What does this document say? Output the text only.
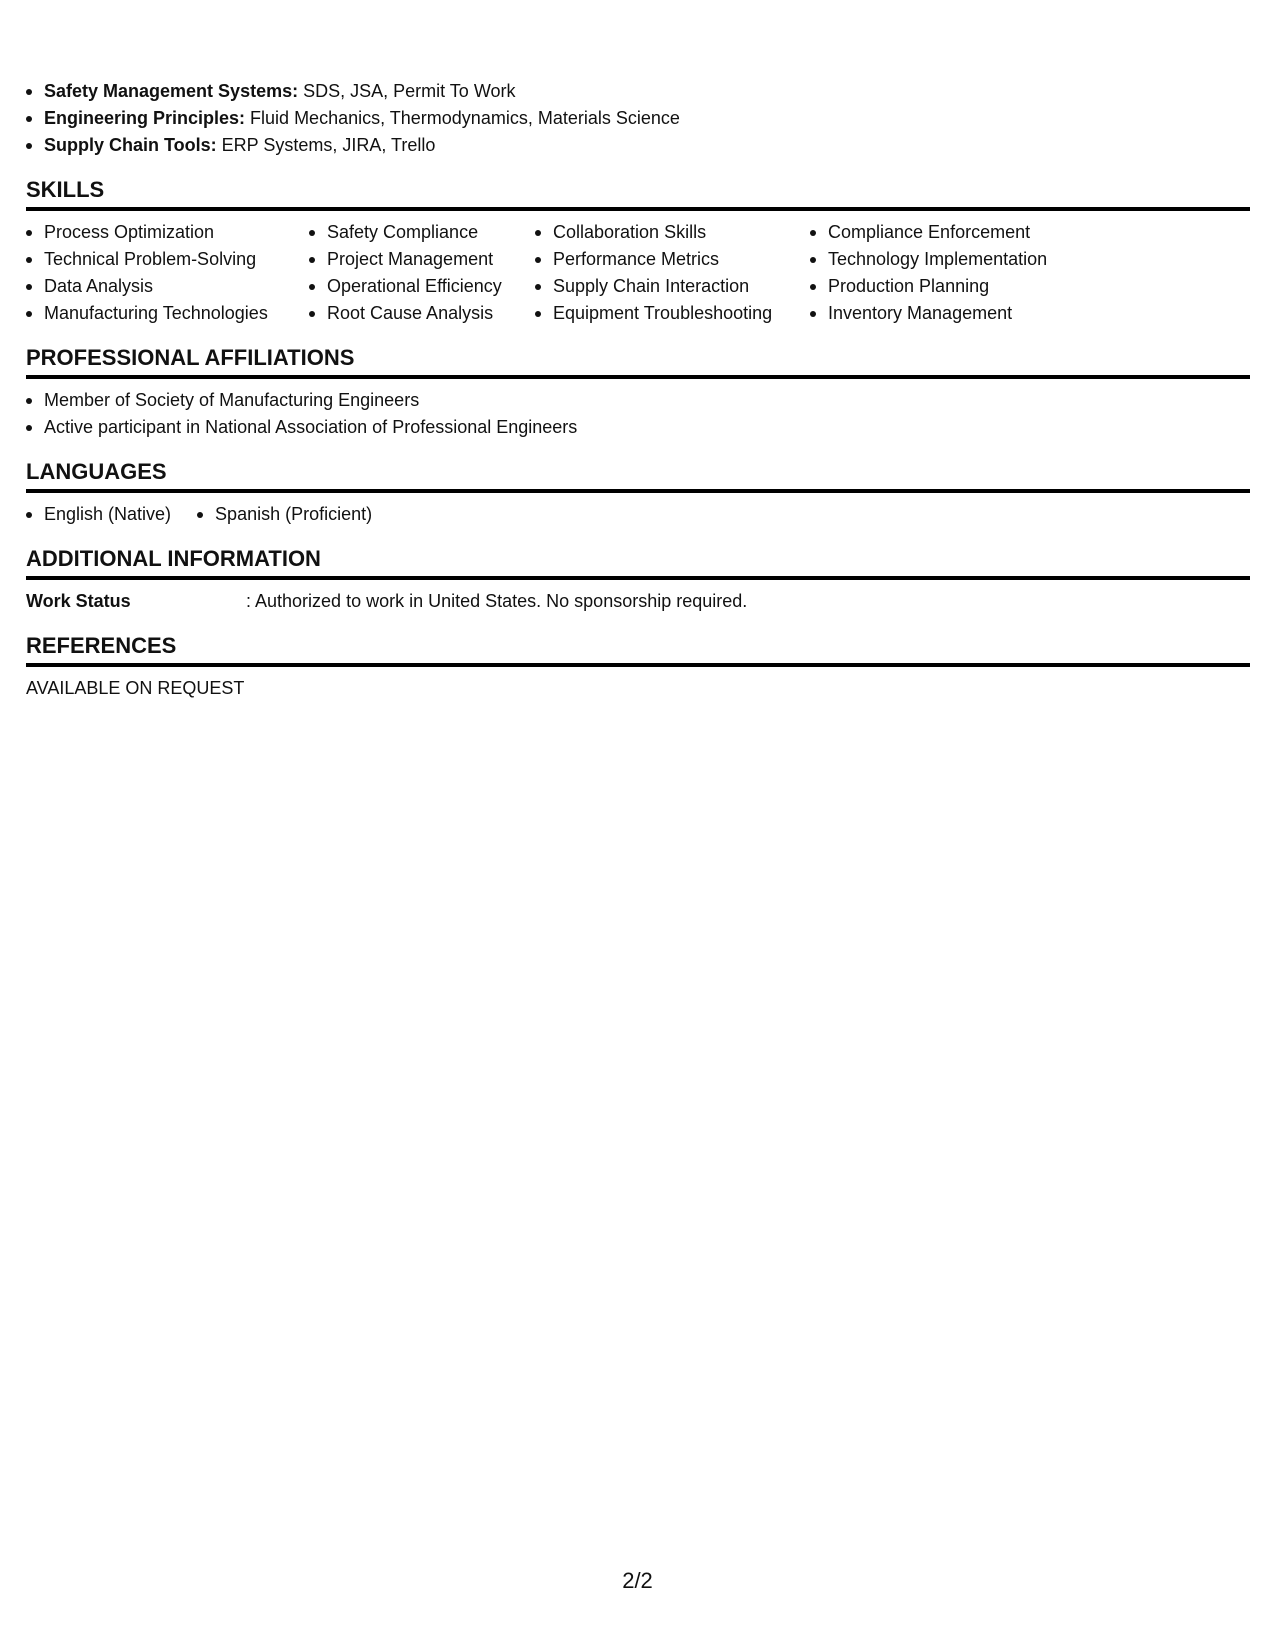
Safety Management Systems: SDS, JSA, Permit To Work
Engineering Principles: Fluid Mechanics, Thermodynamics, Materials Science
Supply Chain Tools: ERP Systems, JIRA, Trello
SKILLS
Process Optimization
Technical Problem-Solving
Data Analysis
Manufacturing Technologies
Safety Compliance
Project Management
Operational Efficiency
Root Cause Analysis
Collaboration Skills
Performance Metrics
Supply Chain Interaction
Equipment Troubleshooting
Compliance Enforcement
Technology Implementation
Production Planning
Inventory Management
PROFESSIONAL AFFILIATIONS
Member of Society of Manufacturing Engineers
Active participant in National Association of Professional Engineers
LANGUAGES
English (Native)	Spanish (Proficient)
ADDITIONAL INFORMATION
Work Status	: Authorized to work in United States. No sponsorship required.
REFERENCES
AVAILABLE ON REQUEST
2/2
